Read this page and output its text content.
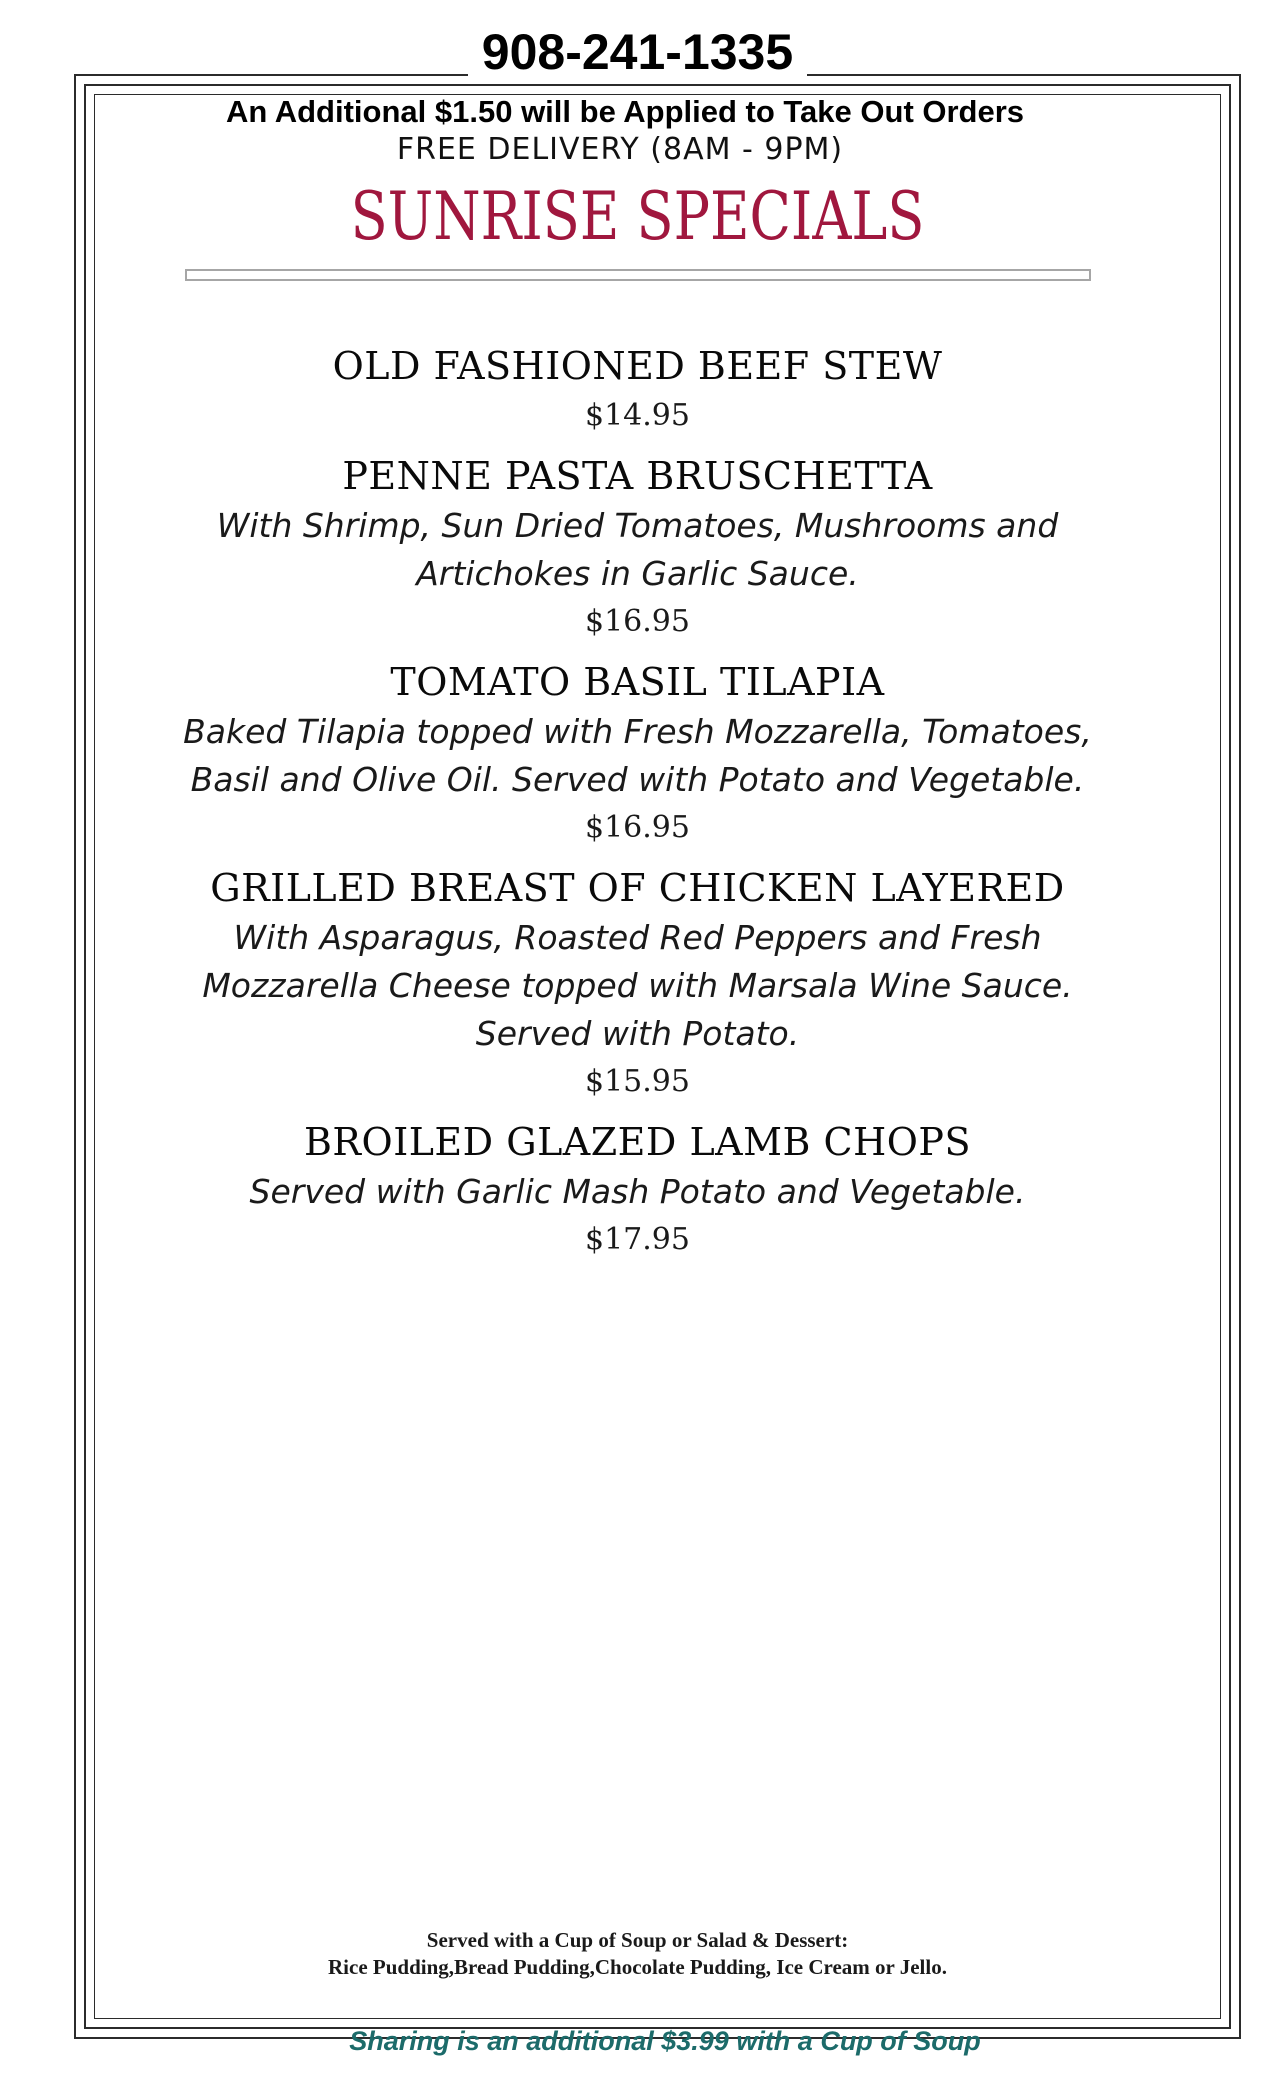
908-241-1335
An Additional $1.50 will be Applied to Take Out Orders
FREE DELIVERY (8AM - 9PM)
SUNRISE SPECIALS

OLD FASHIONED BEEF STEW

$14.95

PENNE PASTA BRUSCHETTA

With Shrimp, Sun Dried Tomatoes, Mushrooms and Artichokes in Garlic Sauce.

$16.95

TOMATO BASIL TILAPIA

Baked Tilapia topped with Fresh Mozzarella, Tomatoes, Basil and Olive Oil. Served with Potato and Vegetable.

$16.95

GRILLED BREAST OF CHICKEN LAYERED

With Asparagus, Roasted Red Peppers and Fresh Mozzarella Cheese topped with Marsala Wine Sauce. Served with Potato.

$15.95

BROILED GLAZED LAMB CHOPS

Served with Garlic Mash Potato and Vegetable.

$17.95

Served with a Cup of Soup or Salad & Dessert:
Rice Pudding,Bread Pudding,Chocolate Pudding, Ice Cream or Jello.
Sharing is an additional $3.99 with a Cup of Soup
